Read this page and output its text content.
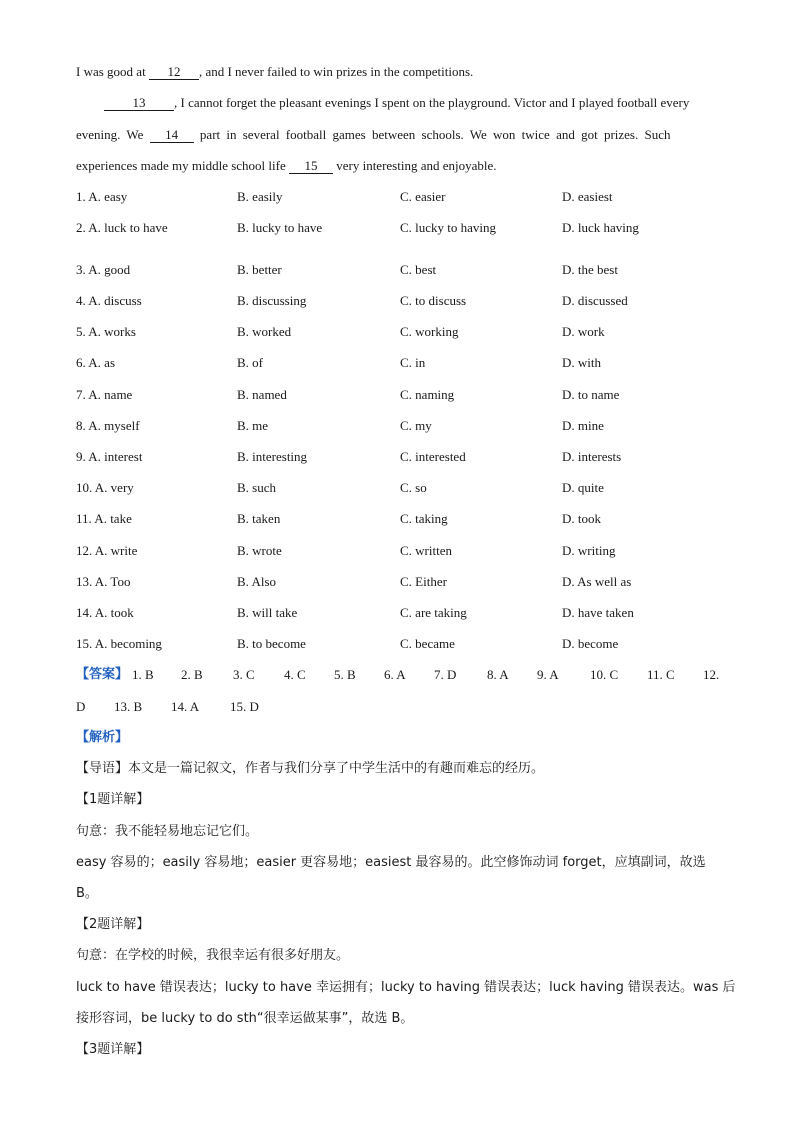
I was good at 12 , and I never failed to win prizes in the competitions.
13 , I cannot forget the pleasant evenings I spent on the playground. Victor and I played football every
evening. We 14 part in several football games between schools. We won twice and got prizes. Such
experiences made my middle school life 15 very interesting and enjoyable.
1. A. easy	B. easily	C. easier	D. easiest
2. A. luck to have	B. lucky to have	C. lucky to having	D. luck having
3. A. good	B. better	C. best	D. the best
4. A. discuss	B. discussing	C. to discuss	D. discussed
5. A. works	B. worked	C. working	D. work
6. A. as	B. of	C. in	D. with
7. A. name	B. named	C. naming	D. to name
8. A. myself	B. me	C. my	D. mine
9. A. interest	B. interesting	C. interested	D. interests
10. A. very	B. such	C. so	D. quite
11. A. take	B. taken	C. taking	D. took
12. A. write	B. wrote	C. written	D. writing
13. A. Too	B. Also	C. Either	D. As well as
14. A. took	B. will take	C. are taking	D. have taken
15. A. becoming	B. to become	C. became	D. become
【答案】 1. B 2. B 3. C 4. C 5. B 6. A 7. D 8. A 9. A 10. C 11. C 12.
D 13. B 14. A 15. D
【解析】
【导语】本文是一篇记叙文，作者与我们分享了中学生活中的有趣而难忘的经历。
【1题详解】
句意：我不能轻易地忘记它们。
easy 容易的；easily 容易地；easier 更容易地；easiest 最容易的。此空修饰动词 forget，应填副词，故选
B。
【2题详解】
句意：在学校的时候，我很幸运有很多好朋友。
luck to have 错误表达；lucky to have 幸运拥有；lucky to having 错误表达；luck having 错误表达。was 后
接形容词，be lucky to do sth“很幸运做某事”，故选 B。
【3题详解】
